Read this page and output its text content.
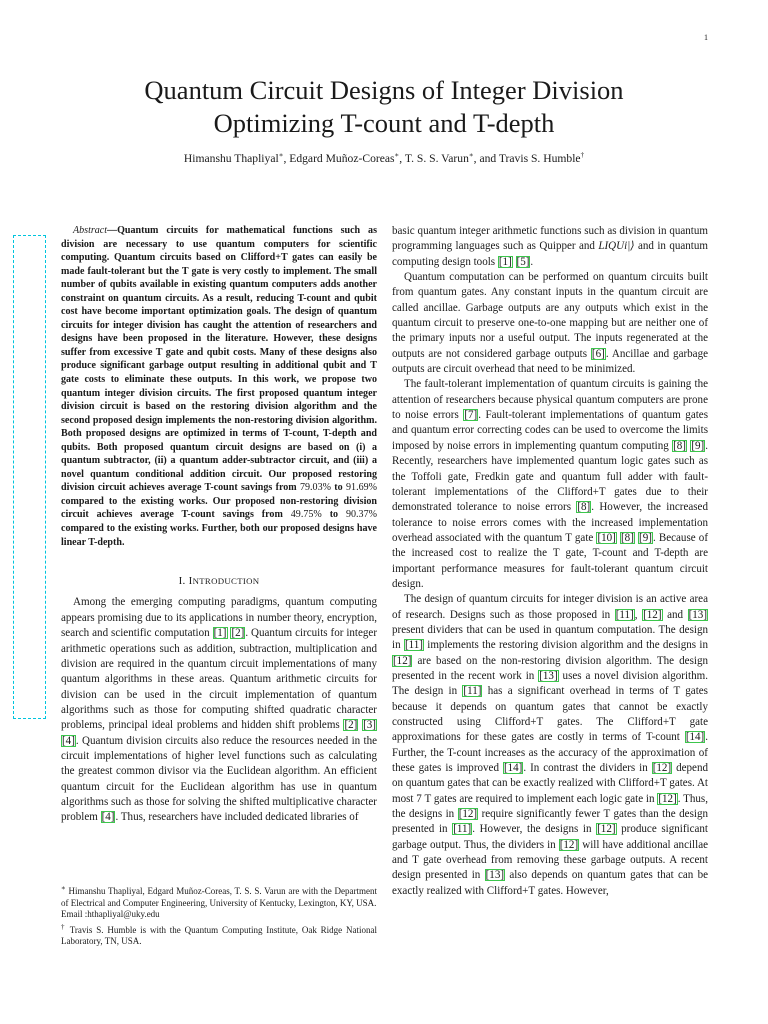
1
Quantum Circuit Designs of Integer Division
Optimizing T-count and T-depth
Himanshu Thapliyal∗, Edgard Muñoz-Coreas∗, T. S. S. Varun∗, and Travis S. Humble†

Abstract—Quantum circuits for mathematical functions such as division are necessary to use quantum computers for scientific computing. Quantum circuits based on Clifford+T gates can easily be made fault-tolerant but the T gate is very costly to implement. The small number of qubits available in existing quantum computers adds another constraint on quantum circuits. As a result, reducing T-count and qubit cost have become important optimization goals. The design of quantum circuits for integer division has caught the attention of researchers and designs have been proposed in the literature. However, these designs suffer from excessive T gate and qubit costs. Many of these designs also produce significant garbage output resulting in additional qubit and T gate costs to eliminate these outputs. In this work, we propose two quantum integer division circuits. The first proposed quantum integer division circuit is based on the restoring division algorithm and the second proposed design implements the non-restoring division algorithm. Both proposed designs are optimized in terms of T-count, T-depth and qubits. Both proposed quantum circuit designs are based on (i) a quantum subtractor, (ii) a quantum adder-subtractor circuit, and (iii) a novel quantum conditional addition circuit. Our proposed restoring division circuit achieves average T-count savings from 79.03% to 91.69% compared to the existing works. Our proposed non-restoring division circuit achieves average T-count savings from 49.75% to 90.37% compared to the existing works. Further, both our proposed designs have linear T-depth.

I. INTRODUCTION

Among the emerging computing paradigms, quantum computing appears promising due to its applications in number theory, encryption, search and scientific computation [1] [2]. Quantum circuits for integer arithmetic operations such as addition, subtraction, multiplication and division are required in the quantum circuit implementations of many quantum algorithms in these areas. Quantum arithmetic circuits for division can be used in the circuit implementation of quantum algorithms such as those for computing shifted quadratic character problems, principal ideal problems and hidden shift problems [2] [3] [4]. Quantum division circuits also reduce the resources needed in the circuit implementations of higher level functions such as calculating the greatest common divisor via the Euclidean algorithm. An efficient quantum circuit for the Euclidean algorithm has use in quantum algorithms such as those for solving the shifted multiplicative character problem [4]. Thus, researchers have included dedicated libraries of

∗ Himanshu Thapliyal, Edgard Muñoz-Coreas, T. S. S. Varun are with the Department of Electrical and Computer Engineering, University of Kentucky, Lexington, KY, USA.
Email :hthapliyal@uky.edu

† Travis S. Humble is with the Quantum Computing Institute, Oak Ridge National Laboratory, TN, USA.

basic quantum integer arithmetic functions such as division in quantum programming languages such as Quipper and LIQUi|⟩ and in quantum computing design tools [1] [5].

Quantum computation can be performed on quantum circuits built from quantum gates. Any constant inputs in the quantum circuit are called ancillae. Garbage outputs are any outputs which exist in the quantum circuit to preserve one-to-one mapping but are neither one of the primary inputs nor a useful output. The inputs regenerated at the outputs are not considered garbage outputs [6]. Ancillae and garbage outputs are circuit overhead that need to be minimized.

The fault-tolerant implementation of quantum circuits is gaining the attention of researchers because physical quantum computers are prone to noise errors [7]. Fault-tolerant implementations of quantum gates and quantum error correcting codes can be used to overcome the limits imposed by noise errors in implementing quantum computing [8] [9]. Recently, researchers have implemented quantum logic gates such as the Toffoli gate, Fredkin gate and quantum full adder with fault-tolerant implementations of the Clifford+T gates due to their demonstrated tolerance to noise errors [8]. However, the increased tolerance to noise errors comes with the increased implementation overhead associated with the quantum T gate [10] [8] [9]. Because of the increased cost to realize the T gate, T-count and T-depth are important performance measures for fault-tolerant quantum circuit design.

The design of quantum circuits for integer division is an active area of research. Designs such as those proposed in [11], [12] and [13] present dividers that can be used in quantum computation. The design in [11] implements the restoring division algorithm and the designs in [12] are based on the non-restoring division algorithm. The design presented in the recent work in [13] uses a novel division algorithm. The design in [11] has a significant overhead in terms of T gates because it depends on quantum gates that cannot be exactly constructed using Clifford+T gates. The Clifford+T gate approximations for these gates are costly in terms of T-count [14]. Further, the T-count increases as the accuracy of the approximation of these gates is improved [14]. In contrast the dividers in [12] depend on quantum gates that can be exactly realized with Clifford+T gates. At most 7 T gates are required to implement each logic gate in [12]. Thus, the designs in [12] require significantly fewer T gates than the design presented in [11]. However, the designs in [12] produce significant garbage output. Thus, the dividers in [12] will have additional ancillae and T gate overhead from removing these garbage outputs. A recent design presented in [13] also depends on quantum gates that can be exactly realized with Clifford+T gates. However,
